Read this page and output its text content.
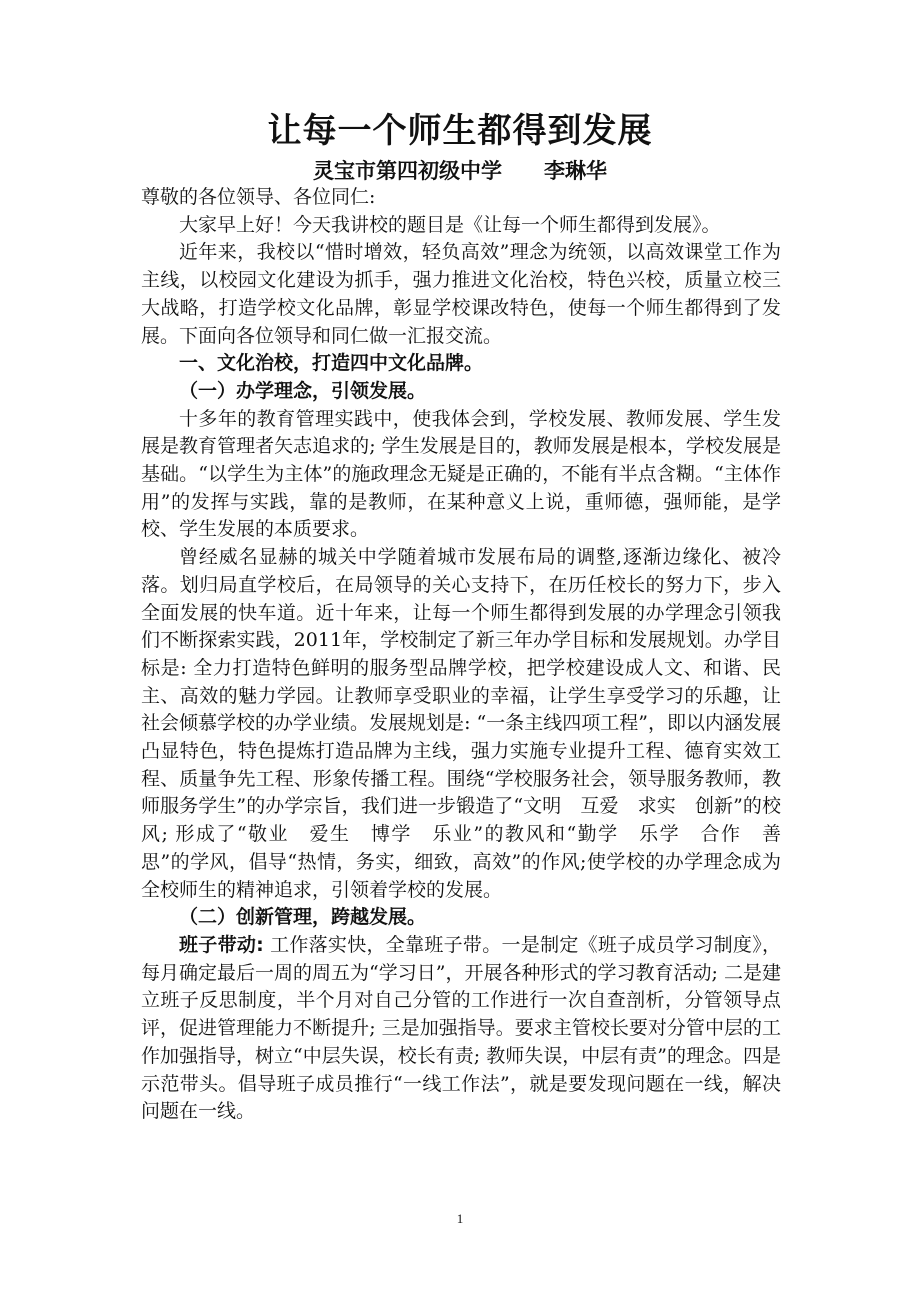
让每一个师生都得到发展
灵宝市第四初级中学 李琳华

尊敬的各位领导、各位同仁:

大家早上好！今天我讲校的题目是《让每一个师生都得到发展》。

近年来，我校以“惜时增效，轻负高效”理念为统领，以高效课堂工作为主线，以校园文化建设为抓手，强力推进文化治校，特色兴校，质量立校三大战略，打造学校文化品牌，彰显学校课改特色，使每一个师生都得到了发展。下面向各位领导和同仁做一汇报交流。

一、文化治校，打造四中文化品牌。

（一）办学理念，引领发展。

十多年的教育管理实践中，使我体会到，学校发展、教师发展、学生发展是教育管理者矢志追求的; 学生发展是目的，教师发展是根本，学校发展是基础。“以学生为主体”的施政理念无疑是正确的，不能有半点含糊。“主体作用”的发挥与实践，靠的是教师，在某种意义上说，重师德，强师能，是学校、学生发展的本质要求。

曾经威名显赫的城关中学随着城市发展布局的调整,逐渐边缘化、被冷落。划归局直学校后，在局领导的关心支持下，在历任校长的努力下，步入全面发展的快车道。近十年来，让每一个师生都得到发展的办学理念引领我们不断探索实践，2011年，学校制定了新三年办学目标和发展规划。办学目标是: 全力打造特色鲜明的服务型品牌学校，把学校建设成人文、和谐、民主、高效的魅力学园。让教师享受职业的幸福，让学生享受学习的乐趣，让社会倾慕学校的办学业绩。发展规划是: “一条主线四项工程”，即以内涵发展凸显特色，特色提炼打造品牌为主线，强力实施专业提升工程、德育实效工程、质量争先工程、形象传播工程。围绕“学校服务社会，领导服务教师，教师服务学生”的办学宗旨，我们进一步锻造了“文明　互爱　求实　创新”的校风; 形成了“敬业　爱生　博学　乐业”的教风和“勤学　乐学　合作　善思”的学风，倡导“热情，务实，细致，高效”的作风;使学校的办学理念成为全校师生的精神追求，引领着学校的发展。

（二）创新管理，跨越发展。

班子带动: 工作落实快，全靠班子带。一是制定《班子成员学习制度》，每月确定最后一周的周五为“学习日”，开展各种形式的学习教育活动; 二是建立班子反思制度，半个月对自己分管的工作进行一次自查剖析，分管领导点评，促进管理能力不断提升; 三是加强指导。要求主管校长要对分管中层的工作加强指导，树立“中层失误，校长有责; 教师失误，中层有责”的理念。四是示范带头。倡导班子成员推行“一线工作法”，就是要发现问题在一线，解决问题在一线。

1
